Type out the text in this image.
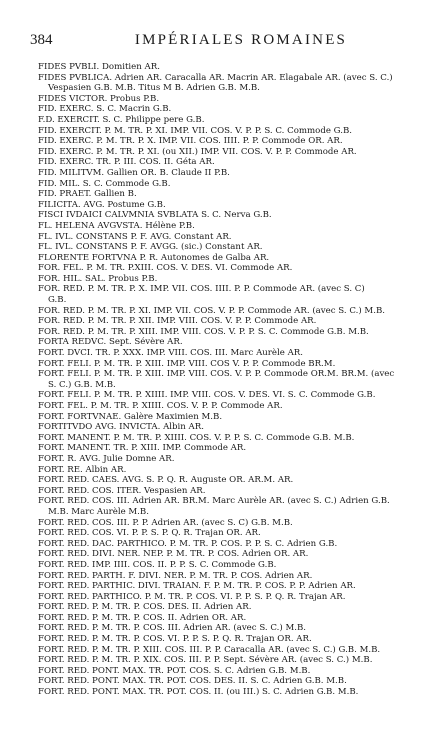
384	IMPÉRIALES ROMAINES
FIDES PVBLI. Domitien AR.
FIDES PVBLICA. Adrien AR. Caracalla AR. Macrin AR. Elagabale AR. (avec S. C.)
Vespasien G.B. M.B. Titus M B. Adrien G.B. M.B.
FIDES VICTOR. Probus P.B.
FID. EXERC. S. C. Macrin G.B.
F.D. EXERCIT. S. C. Philippe pere G.B.
FID. EXERCIT. P. M. TR. P. XI. IMP. VII. COS. V. P. P. S. C. Commode G.B.
FID. EXERC. P. M. TR. P. X. IMP. VII. COS. IIII. P. P. Commode OR. AR.
FID. EXERC. P. M. TR. P. XI. (ou XII.) IMP. VII. COS. V. P. P. Commode AR.
FID. EXERC. TR. P. III. COS. II. Géta AR.
FID. MILITVM. Gallien OR. B. Claude II P.B.
FID. MIL. S. C. Commode G.B.
FID. PRAET. Gallien B.
FILICITA. AVG. Postume G.B.
FISCI IVDAICI CALVMNIA SVBLATA S. C. Nerva G.B.
FL. HELENA AVGVSTA. Hélène P.B.
FL. IVL. CONSTANS P. F. AVG. Constant AR.
FL. IVL. CONSTANS P. F. AVGG. (sic.) Constant AR.
FLORENTE FORTVNA P. R. Autonomes de Galba AR.
FOR. FEL. P. M. TR. P.XIII. COS. V. DES. VI. Commode AR.
FOR. HIL. SAL. Probus P.B.
FOR. RED. P. M. TR. P. X. IMP. VII. COS. IIII. P. P. Commode AR. (avec S. C)
G.B.
FOR. RED. P. M. TR. P. XI. IMP. VII. COS. V. P. P. Commode AR. (avec S. C.) M.B.
FOR. RED. P. M. TR. P. XII. IMP. VIII. COS. V. P. P. Commode AR.
FOR. RED. P. M. TR. P. XIII. IMP. VIII. COS. V. P. P. S. C. Commode G.B. M.B.
FORTA REDVC. Sept. Sévère AR.
FORT. DVCI. TR. P. XXX. IMP. VIII. COS. III. Marc Aurèle AR.
FORT. FELI. P. M. TR. P. XIII. IMP. VIII. COS V. P. P. Commode BR.M.
FORT. FELI. P. M. TR. P. XIII. IMP. VIII. COS. V. P. P. Commode OR.M. BR.M. (avec
S. C.) G.B. M.B.
FORT. FELI. P. M. TR. P. XIIII. IMP. VIII. COS. V. DES. VI. S. C. Commode G.B.
FORT. FEL. P. M. TR. P. XIIII. COS. V. P. P. Commode AR.
FORT. FORTVNAE. Galère Maximien M.B.
FORTITVDO AVG. INVICTA. Albin AR.
FORT. MANENT. P. M. TR. P. XIIII. COS. V. P. P. S. C. Commode G.B. M.B.
FORT. MANENT. TR. P. XIII. IMP. Commode AR.
FORT. R. AVG. Julie Domne AR.
FORT. RE. Albin AR.
FORT. RED. CAES. AVG. S. P. Q. R. Auguste OR. AR.M. AR.
FORT. RED. COS. ITER. Vespasien AR.
FORT. RED. COS. III. Adrien AR. BR.M. Marc Aurèle AR. (avec S. C.) Adrien G.B.
M.B. Marc Aurèle M.B.
FORT. RED. COS. III. P. P. Adrien AR. (avec S. C) G.B. M.B.
FORT. RED. COS. VI. P. P. S. P. Q. R. Trajan OR. AR.
FORT. RED. DAC. PARTHICO. P. M. TR. P. COS. P. P. S. C. Adrien G.B.
FORT. RED. DIVI. NER. NEP. P. M. TR. P. COS. Adrien OR. AR.
FORT. RED. IMP. IIII. COS. II. P. P. S. C. Commode G.B.
FORT. RED. PARTH. F. DIVI. NER. P. M. TR. P. COS. Adrien AR.
FORT. RED. PARTHIC. DIVI. TRAIAN. F. P. M. TR. P. COS. P. P. Adrien AR.
FORT. RED. PARTHICO. P. M. TR. P. COS. VI. P. P. S. P. Q. R. Trajan AR.
FORT. RED. P. M. TR. P. COS. DES. II. Adrien AR.
FORT. RED. P. M. TR. P. COS. II. Adrien OR. AR.
FORT. RED. P. M. TR. P. COS. III. Adrien AR. (avec S. C.) M.B.
FORT. RED. P. M. TR. P. COS. VI. P. P. S. P. Q. R. Trajan OR. AR.
FORT. RED. P. M. TR. P. XIII. COS. III. P. P. Caracalla AR. (avec S. C.) G.B. M.B.
FORT. RED. P. M. TR. P. XIX. COS. III. P. P. Sept. Sévère AR. (avec S. C.) M.B.
FORT. RED. PONT. MAX. TR. POT. COS. S. C. Adrien G.B. M.B.
FORT. RED. PONT. MAX. TR. POT. COS. DES. II. S. C. Adrien G.B. M.B.
FORT. RED. PONT. MAX. TR. POT. COS. II. (ou III.) S. C. Adrien G.B. M.B.
